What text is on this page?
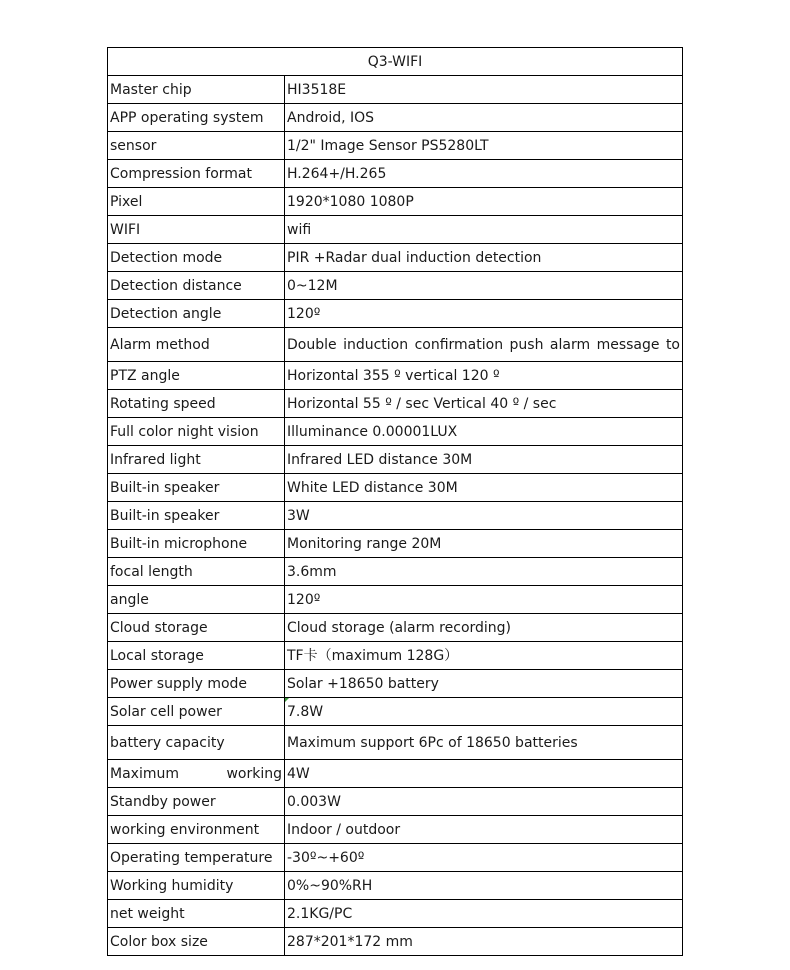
Q3-WIFI	
Master chip	HI3518E
APP operating system	Android, IOS
sensor	1/2" Image Sensor PS5280LT
Compression format	H.264+/H.265
Pixel	1920*1080 1080P
WIFI	wifi
Detection mode	PIR +Radar dual induction detection
Detection distance	0~12M
Detection angle	120º
Alarm method	Double induction confirmation push alarm message to
PTZ angle	Horizontal 355 º vertical 120 º
Rotating speed	Horizontal 55 º / sec Vertical 40 º / sec
Full color night vision	Illuminance 0.00001LUX
Infrared light	Infrared LED distance 30M
Built-in speaker	White LED distance 30M
Built-in speaker	3W
Built-in microphone	Monitoring range 20M
focal length	3.6mm
angle	120º
Cloud storage	Cloud storage (alarm recording)
Local storage	TF卡（maximum 128G）
Power supply mode	Solar +18650 battery
Solar cell power	7.8W
battery capacity	Maximum support 6Pc of 18650 batteries
Maximum working	4W
Standby power	0.003W
working environment	Indoor / outdoor
Operating temperature	-30º~+60º
Working humidity	0%~90%RH
net weight	2.1KG/PC
Color box size	287*201*172 mm
